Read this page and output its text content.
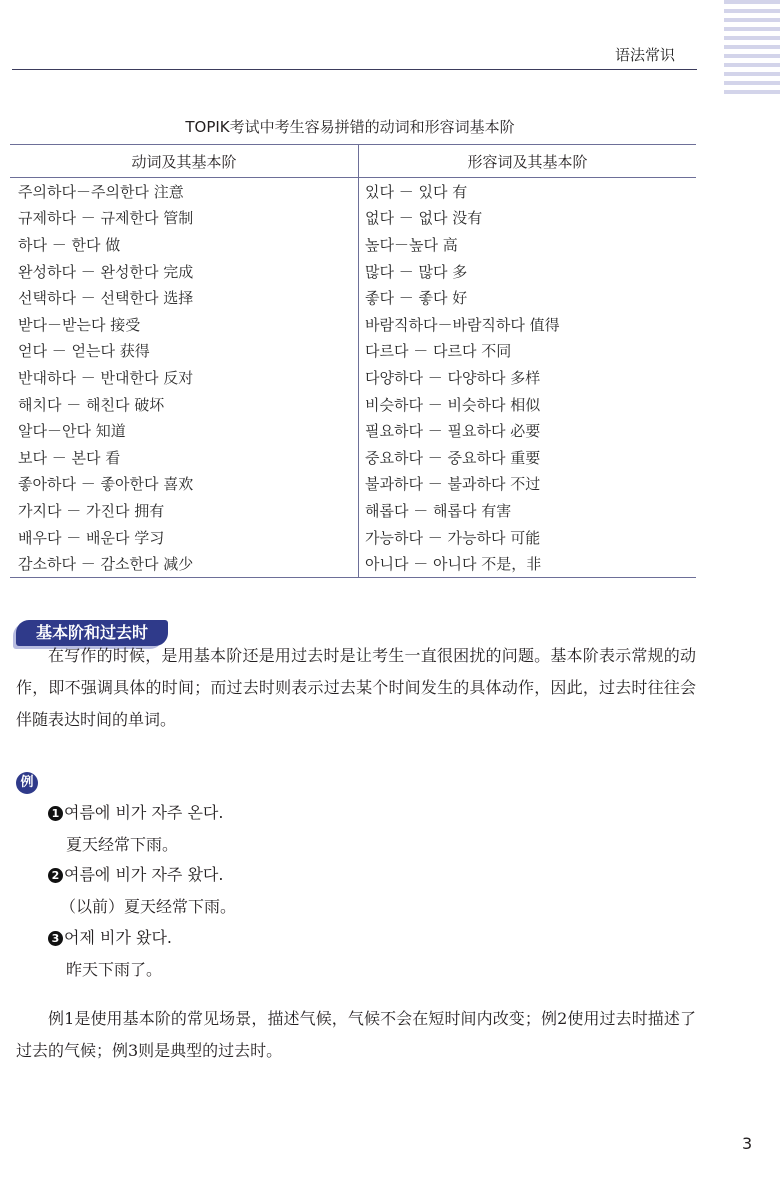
语法常识
TOPIK考试中考生容易拼错的动词和形容词基本阶
动词及其基本阶	形容词及其基本阶
주의하다－주의한다 注意	있다 － 있다 有
규제하다 － 규제한다 管制	없다 － 없다 没有
하다 － 한다 做	높다－높다 高
완성하다 － 완성한다 完成	많다 － 많다 多
선택하다 － 선택한다 选择	좋다 － 좋다 好
받다－받는다 接受	바람직하다－바람직하다 值得
얻다 － 얻는다 获得	다르다 － 다르다 不同
반대하다 － 반대한다 反对	다양하다 － 다양하다 多样
해치다 － 해친다 破坏	비슷하다 － 비슷하다 相似
알다－안다 知道	필요하다 － 필요하다 必要
보다 － 본다 看	중요하다 － 중요하다 重要
좋아하다 － 좋아한다 喜欢	불과하다 － 불과하다 不过
가지다 － 가진다 拥有	해롭다 － 해롭다 有害
배우다 － 배운다 学习	가능하다 － 가능하다 可能
감소하다 － 감소한다 减少	아니다 － 아니다 不是，非
基本阶和过去时
在写作的时候，是用基本阶还是用过去时是让考生一直很困扰的问题。基本阶表示常规的动作，即不强调具体的时间；而过去时则表示过去某个时间发生的具体动作，因此，过去时往往会伴随表达时间的单词。
例
1 여름에 비가 자주 온다.
夏天经常下雨。
2 여름에 비가 자주 왔다.
（以前）夏天经常下雨。
3 어제 비가 왔다.
昨天下雨了。
例1是使用基本阶的常见场景，描述气候，气候不会在短时间内改变；例2使用过去时描述了过去的气候；例3则是典型的过去时。
3
